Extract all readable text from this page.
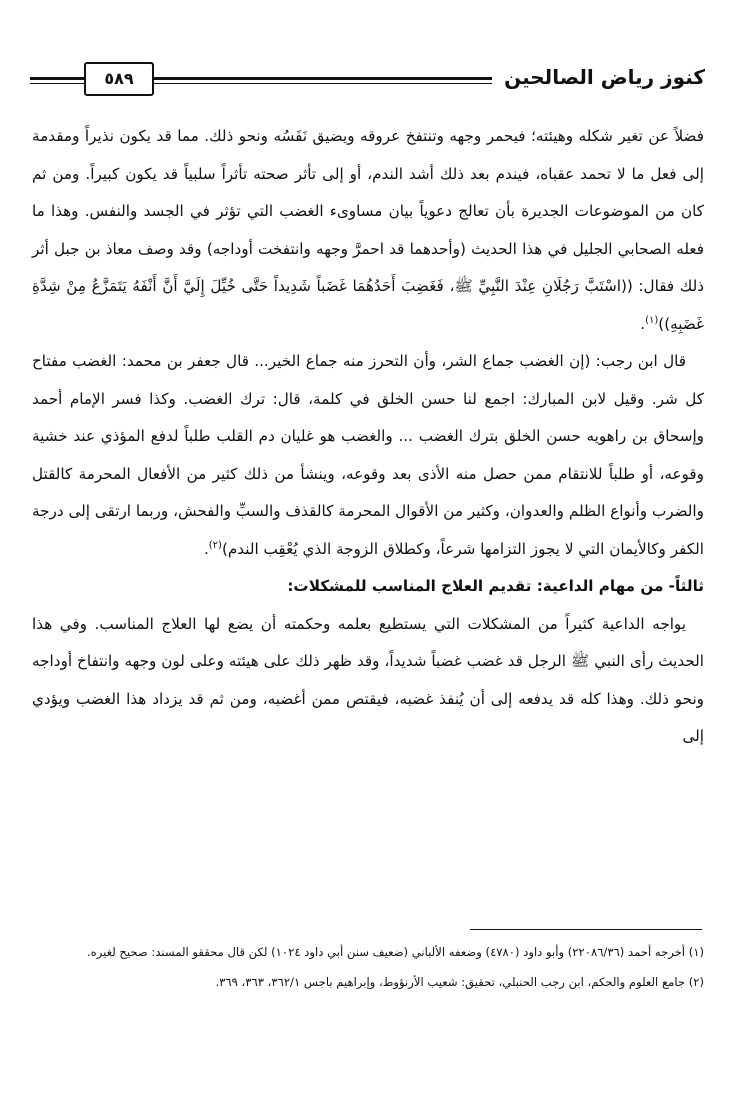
كنوز رياض الصالحين
٥٨٩

فضلاً عن تغير شكله وهيئته؛ فيحمر وجهه وتنتفخ عروقه ويضيق نَفَسُه ونحو ذلك. مما قد يكون نذيراً ومقدمة إلى فعل ما لا تحمد عقباه، فيندم بعد ذلك أشد الندم، أو إلى تأثر صحته تأثراً سلبياً قد يكون كبيراً. ومن ثم كان من الموضوعات الجديرة بأن تعالج دعوياً بيان مساوىء الغضب التي تؤثر في الجسد والنفس. وهذا ما فعله الصحابي الجليل في هذا الحديث (وأحدهما قد احمرَّ وجهه وانتفخت أوداجه) وقد وصف معاذ بن جبل أثر ذلك فقال: ((اسْتَبَّ رَجُلَانِ عِنْدَ النَّبِيِّ ﷺ، فَغَضِبَ أَحَدُهُمَا غَضَباً شَدِيداً حَتَّى خُيِّلَ إِلَيَّ أَنَّ أَنْفَهُ يَتَمَزَّعُ مِنْ شِدَّةِ غَضَبِهِ))$^{(١)}$.

قال ابن رجب: (إن الغضب جماع الشر، وأن التحرز منه جماع الخير... قال جعفر بن محمد: الغضب مفتاح كل شر. وقيل لابن المبارك: اجمع لنا حسن الخلق في كلمة، قال: ترك الغضب. وكذا فسر الإمام أحمد وإسحاق بن راهويه حسن الخلق بترك الغضب ... والغضب هو غليان دم القلب طلباً لدفع المؤذي عند خشية وقوعه، أو طلباً للانتقام ممن حصل منه الأذى بعد وقوعه، وينشأ من ذلك كثير من الأفعال المحرمة كالقتل والضرب وأنواع الظلم والعدوان، وكثير من الأقوال المحرمة كالقذف والسبِّ والفحش، وربما ارتقى إلى درجة الكفر وكالأيمان التي لا يجوز التزامها شرعاً، وكطلاق الزوجة الذي يُعْقِب الندم)$^{(٢)}$.

ثالثاً- من مهام الداعية: تقديم العلاج المناسب للمشكلات:

يواجه الداعية كثيراً من المشكلات التي يستطيع بعلمه وحكمته أن يضع لها العلاج المناسب. وفي هذا الحديث رأى النبي ﷺ الرجل قد غضب غضباً شديداً، وقد ظهر ذلك على هيئته وعلى لون وجهه وانتفاخ أوداجه ونحو ذلك. وهذا كله قد يدفعه إلى أن يُنفذ غضبه، فيقتص ممن أغضبه، ومن ثم قد يزداد هذا الغضب ويؤدي إلى

(١) أخرجه أحمد (٢٢٠٨٦/٣٦) وأبو داود (٤٧٨٠) وضعفه الألباني (ضعيف سنن أبي داود ١٠٢٤) لكن قال محققو المسند: صحيح لغيره.

(٢) جامع العلوم والحكم، ابن رجب الحنبلي، تحقيق: شعيب الأرنؤوط، وإبراهيم باجس ٣٦٢/١، ٣٦٣، ٣٦٩.
